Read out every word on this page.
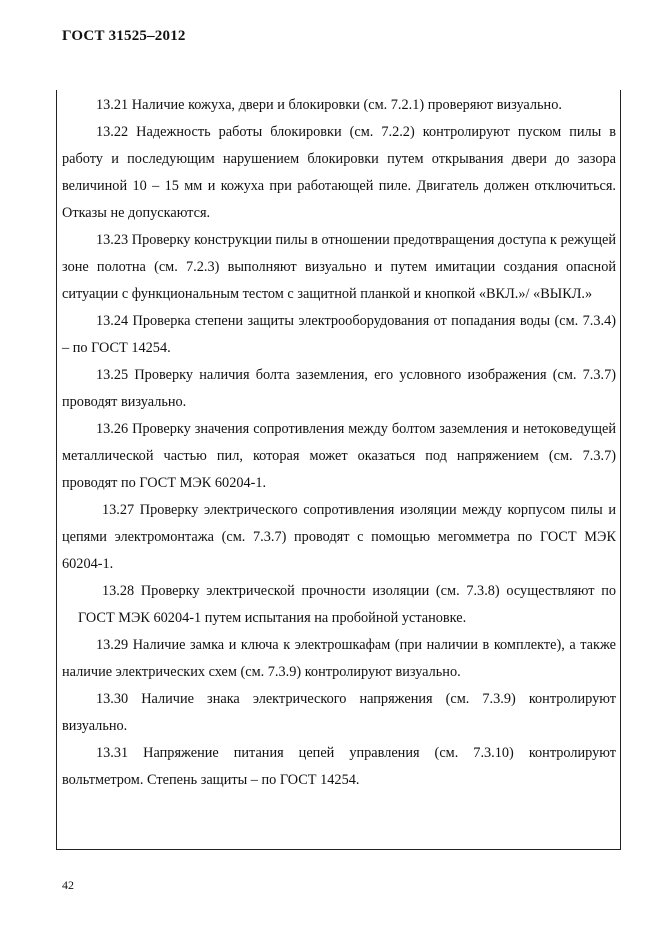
ГОСТ 31525–2012

13.21 Наличие кожуха, двери и блокировки (см. 7.2.1) проверяют визуально.

13.22 Надежность работы блокировки (см. 7.2.2) контролируют пуском пилы в работу и последующим нарушением блокировки путем открывания двери до зазора величиной 10 – 15 мм и кожуха при работающей пиле. Двигатель должен отключиться. Отказы не допускаются.

13.23 Проверку конструкции пилы в отношении предотвращения доступа к режущей зоне полотна (см. 7.2.3) выполняют визуально и путем имитации создания опасной ситуации с функциональным тестом с защитной планкой и кнопкой «ВКЛ.»/ «ВЫКЛ.»

13.24 Проверка степени защиты электрооборудования от попадания воды (см. 7.3.4) – по ГОСТ 14254.

13.25 Проверку наличия болта заземления, его условного изображения (см. 7.3.7) проводят визуально.

13.26 Проверку значения сопротивления между болтом заземления и нетоковедущей металлической частью пил, которая может оказаться под напряжением (см. 7.3.7) проводят по ГОСТ МЭК 60204-1.

13.27 Проверку электрического сопротивления изоляции между корпусом пилы и цепями электромонтажа (см. 7.3.7) проводят с помощью мегомметра по ГОСТ МЭК 60204-1.

13.28 Проверку электрической прочности изоляции (см. 7.3.8) осуществляют по ГОСТ МЭК 60204-1 путем испытания на пробойной установке.

13.29 Наличие замка и ключа к электрошкафам (при наличии в комплекте), а также наличие электрических схем (см. 7.3.9) контролируют визуально.

13.30 Наличие знака электрического напряжения (см. 7.3.9) контролируют визуально.

13.31 Напряжение питания цепей управления (см. 7.3.10) контролируют вольтметром. Степень защиты – по ГОСТ 14254.

42
